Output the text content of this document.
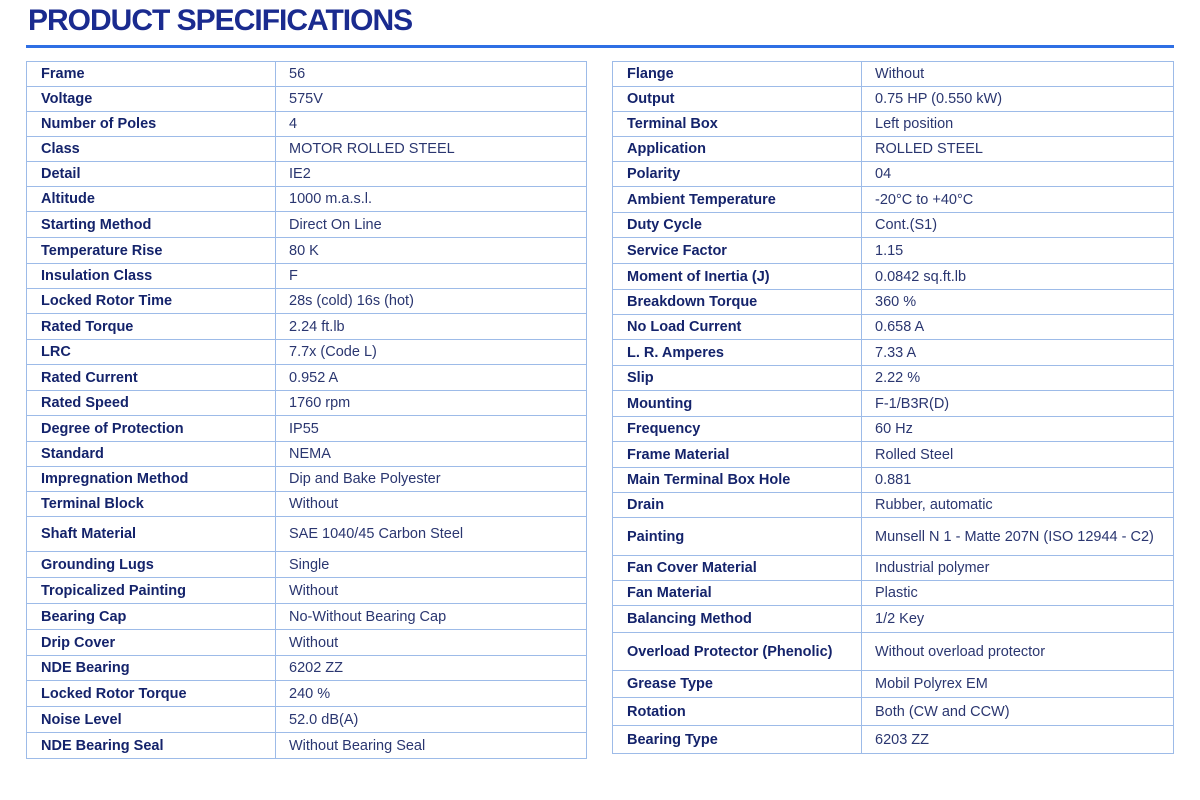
PRODUCT SPECIFICATIONS
Frame	56
Voltage	575V
Number of Poles	4
Class	MOTOR ROLLED STEEL
Detail	IE2
Altitude	1000 m.a.s.l.
Starting Method	Direct On Line
Temperature Rise	80 K
Insulation Class	F
Locked Rotor Time	28s (cold) 16s (hot)
Rated Torque	2.24 ft.lb
LRC	7.7x (Code L)
Rated Current	0.952 A
Rated Speed	1760 rpm
Degree of Protection	IP55
Standard	NEMA
Impregnation Method	Dip and Bake Polyester
Terminal Block	Without
Shaft Material	SAE 1040/45 Carbon Steel
Grounding Lugs	Single
Tropicalized Painting	Without
Bearing Cap	No-Without Bearing Cap
Drip Cover	Without
NDE Bearing	6202 ZZ
Locked Rotor Torque	240 %
Noise Level	52.0 dB(A)
NDE Bearing Seal	Without Bearing Seal
Flange	Without
Output	0.75 HP (0.550 kW)
Terminal Box	Left position
Application	ROLLED STEEL
Polarity	04
Ambient Temperature	-20°C to +40°C
Duty Cycle	Cont.(S1)
Service Factor	1.15
Moment of Inertia (J)	0.0842 sq.ft.lb
Breakdown Torque	360 %
No Load Current	0.658 A
L. R. Amperes	7.33 A
Slip	2.22 %
Mounting	F-1/B3R(D)
Frequency	60 Hz
Frame Material	Rolled Steel
Main Terminal Box Hole	0.881
Drain	Rubber, automatic
Painting	Munsell N 1 - Matte 207N (ISO 12944 - C2)
Fan Cover Material	Industrial polymer
Fan Material	Plastic
Balancing Method	1/2 Key
Overload Protector (Phenolic)	Without overload protector
Grease Type	Mobil Polyrex EM
Rotation	Both (CW and CCW)
Bearing Type	6203 ZZ
